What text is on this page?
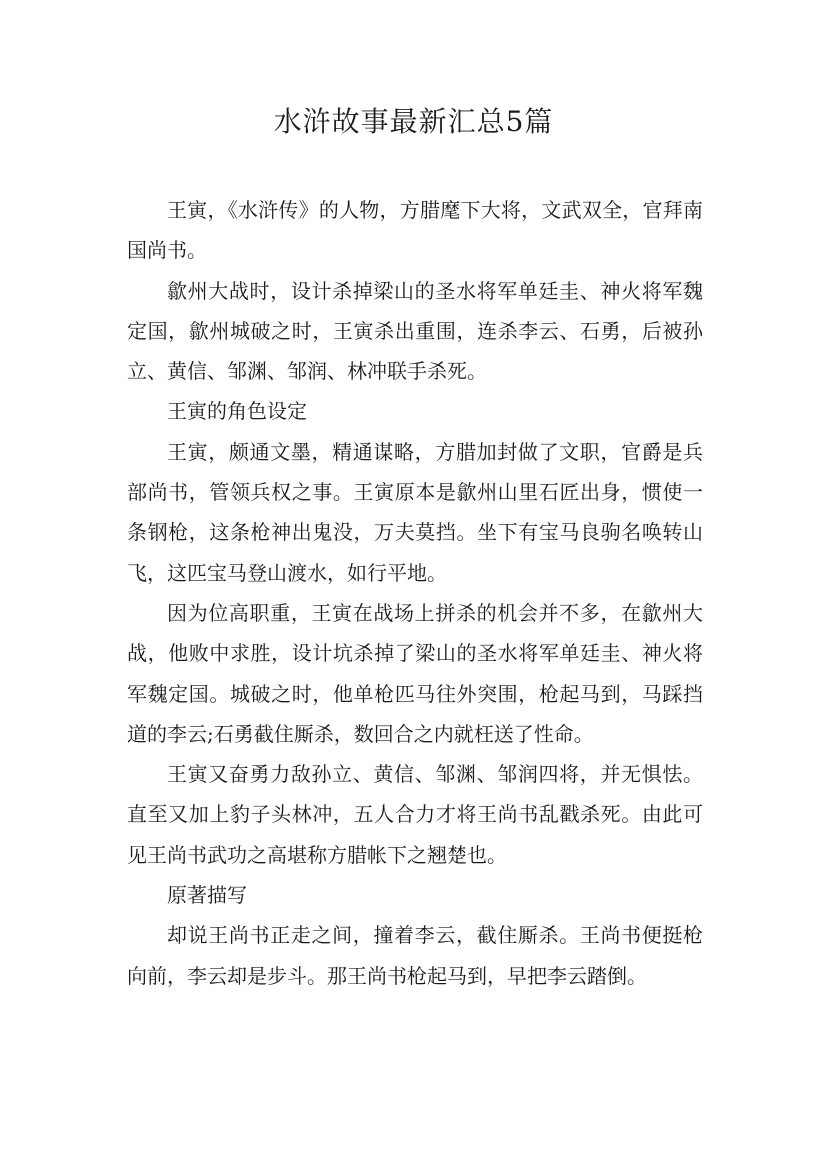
水浒故事最新汇总5篇

王寅，《水浒传》的人物，方腊麾下大将，文武双全，官拜南国尚书。

歙州大战时，设计杀掉梁山的圣水将军单廷圭、神火将军魏定国，歙州城破之时，王寅杀出重围，连杀李云、石勇，后被孙立、黄信、邹渊、邹润、林冲联手杀死。

王寅的角色设定

王寅，颇通文墨，精通谋略，方腊加封做了文职，官爵是兵部尚书，管领兵权之事。王寅原本是歙州山里石匠出身，惯使一条钢枪，这条枪神出鬼没，万夫莫挡。坐下有宝马良驹名唤转山飞，这匹宝马登山渡水，如行平地。

因为位高职重，王寅在战场上拼杀的机会并不多，在歙州大战，他败中求胜，设计坑杀掉了梁山的圣水将军单廷圭、神火将军魏定国。城破之时，他单枪匹马往外突围，枪起马到，马踩挡道的李云;石勇截住厮杀，数回合之内就枉送了性命。

王寅又奋勇力敌孙立、黄信、邹渊、邹润四将，并无惧怯。直至又加上豹子头林冲，五人合力才将王尚书乱戳杀死。由此可见王尚书武功之高堪称方腊帐下之翘楚也。

原著描写

却说王尚书正走之间，撞着李云，截住厮杀。王尚书便挺枪向前，李云却是步斗。那王尚书枪起马到，早把李云踏倒。
